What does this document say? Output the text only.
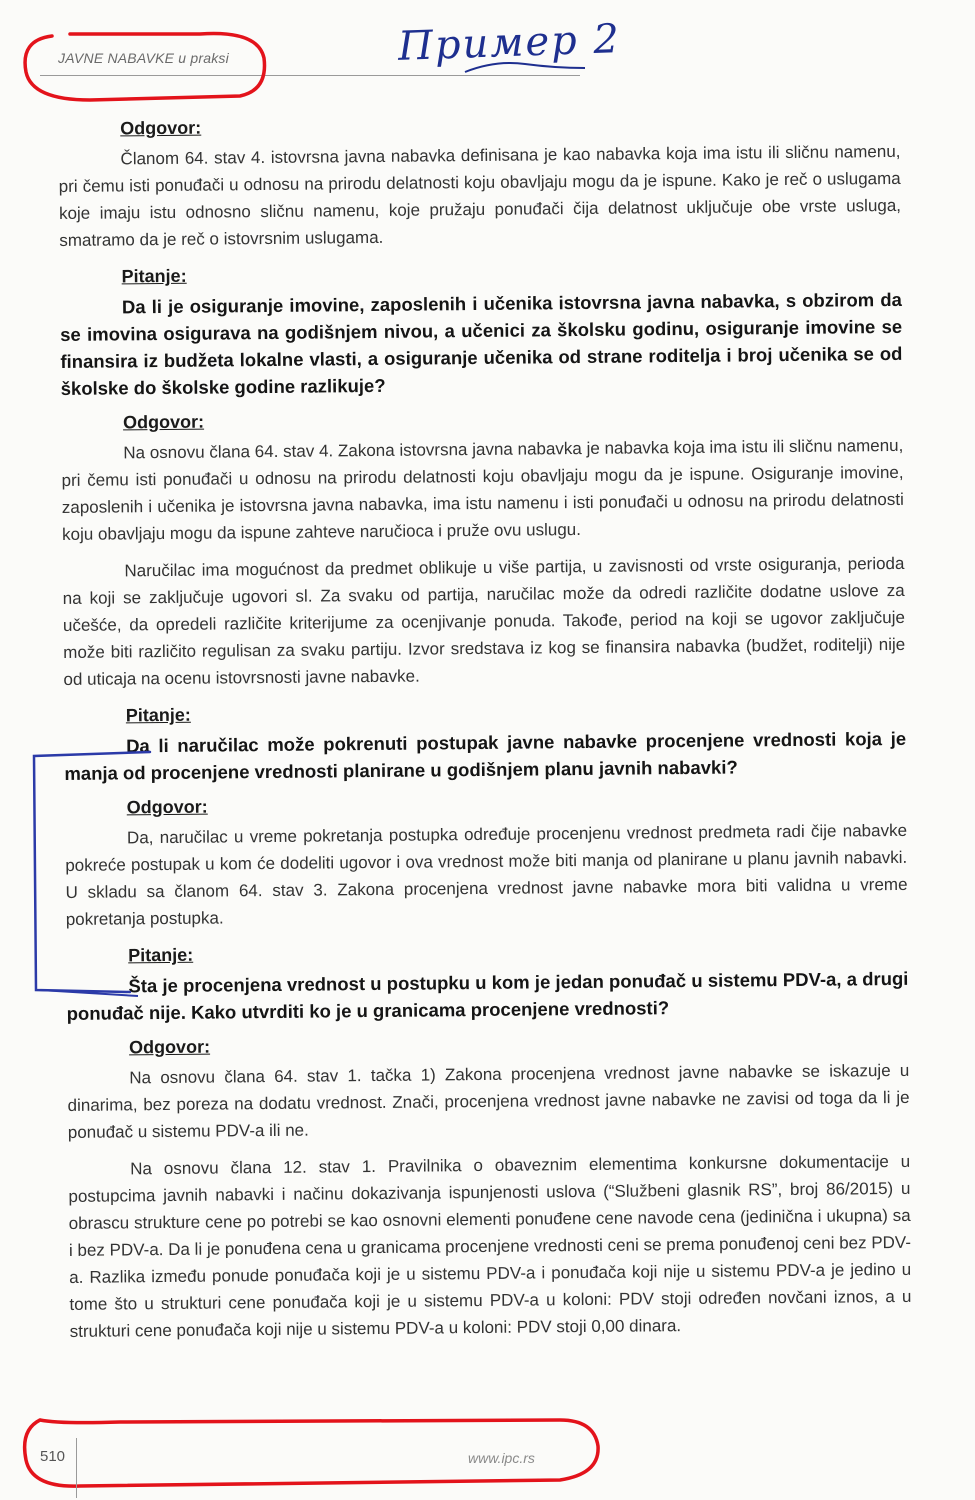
JAVNE NABAVKE u praksi	Пример 2
Odgovor:

Članom 64. stav 4. istovrsna javna nabavka definisana je kao nabavka koja ima istu ili sličnu namenu, pri čemu isti ponuđači u odnosu na prirodu delatnosti koju obavljaju mogu da je ispune. Kako je reč o uslugama koje imaju istu odnosno sličnu namenu, koje pružaju ponuđači čija delatnost uključuje obe vrste usluga, smatramo da je reč o istovrsnim uslugama.

Pitanje:

Da li je osiguranje imovine, zaposlenih i učenika istovrsna javna nabavka, s obzirom da se imovina osigurava na godišnjem nivou, a učenici za školsku godinu, osiguranje imovine se finansira iz budžeta lokalne vlasti, a osiguranje učenika od strane roditelja i broj učenika se od školske do školske godine razlikuje?

Odgovor:

Na osnovu člana 64. stav 4. Zakona istovrsna javna nabavka je nabavka koja ima istu ili sličnu namenu, pri čemu isti ponuđači u odnosu na prirodu delatnosti koju obavljaju mogu da je ispune. Osiguranje imovine, zaposlenih i učenika je istovrsna javna nabavka, ima istu namenu i isti ponuđači u odnosu na prirodu delatnosti koju obavljaju mogu da ispune zahteve naručioca i pruže ovu uslugu.

Naručilac ima mogućnost da predmet oblikuje u više partija, u zavisnosti od vrste osiguranja, perioda na koji se zaključuje ugovori sl. Za svaku od partija, naručilac može da odredi različite dodatne uslove za učešće, da opredeli različite kriterijume za ocenjivanje ponuda. Takođe, period na koji se ugovor zaključuje može biti različito regulisan za svaku partiju. Izvor sredstava iz kog se finansira nabavka (budžet, roditelji) nije od uticaja na ocenu istovrsnosti javne nabavke.

Pitanje:

Da li naručilac može pokrenuti postupak javne nabavke procenjene vrednosti koja je manja od procenjene vrednosti planirane u godišnjem planu javnih nabavki?

Odgovor:

Da, naručilac u vreme pokretanja postupka određuje procenjenu vrednost predmeta radi čije nabavke pokreće postupak u kom će dodeliti ugovor i ova vrednost može biti manja od planirane u planu javnih nabavki. U skladu sa članom 64. stav 3. Zakona procenjena vrednost javne nabavke mora biti validna u vreme pokretanja postupka.

Pitanje:

Šta je procenjena vrednost u postupku u kom je jedan ponuđač u sistemu PDV-a, a drugi ponuđač nije. Kako utvrditi ko je u granicama procenjene vrednosti?

Odgovor:

Na osnovu člana 64. stav 1. tačka 1) Zakona procenjena vrednost javne nabavke se iskazuje u dinarima, bez poreza na dodatu vrednost. Znači, procenjena vrednost javne nabavke ne zavisi od toga da li je ponuđač u sistemu PDV-a ili ne.

Na osnovu člana 12. stav 1. Pravilnika o obaveznim elementima konkursne dokumentacije u postupcima javnih nabavki i načinu dokazivanja ispunjenosti uslova (“Službeni glasnik RS”, broj 86/2015) u obrascu strukture cene po potrebi se kao osnovni elementi ponuđene cene navode cena (jedinična i ukupna) sa i bez PDV-a. Da li je ponuđena cena u granicama procenjene vrednosti ceni se prema ponuđenoj ceni bez PDV-a. Razlika između ponude ponuđača koji je u sistemu PDV-a i ponuđača koji nije u sistemu PDV-a je jedino u tome što u strukturi cene ponuđača koji je u sistemu PDV-a u koloni: PDV stoji određen novčani iznos, a u strukturi cene ponuđača koji nije u sistemu PDV-a u koloni: PDV stoji 0,00 dinara.

510	www.ipc.rs
